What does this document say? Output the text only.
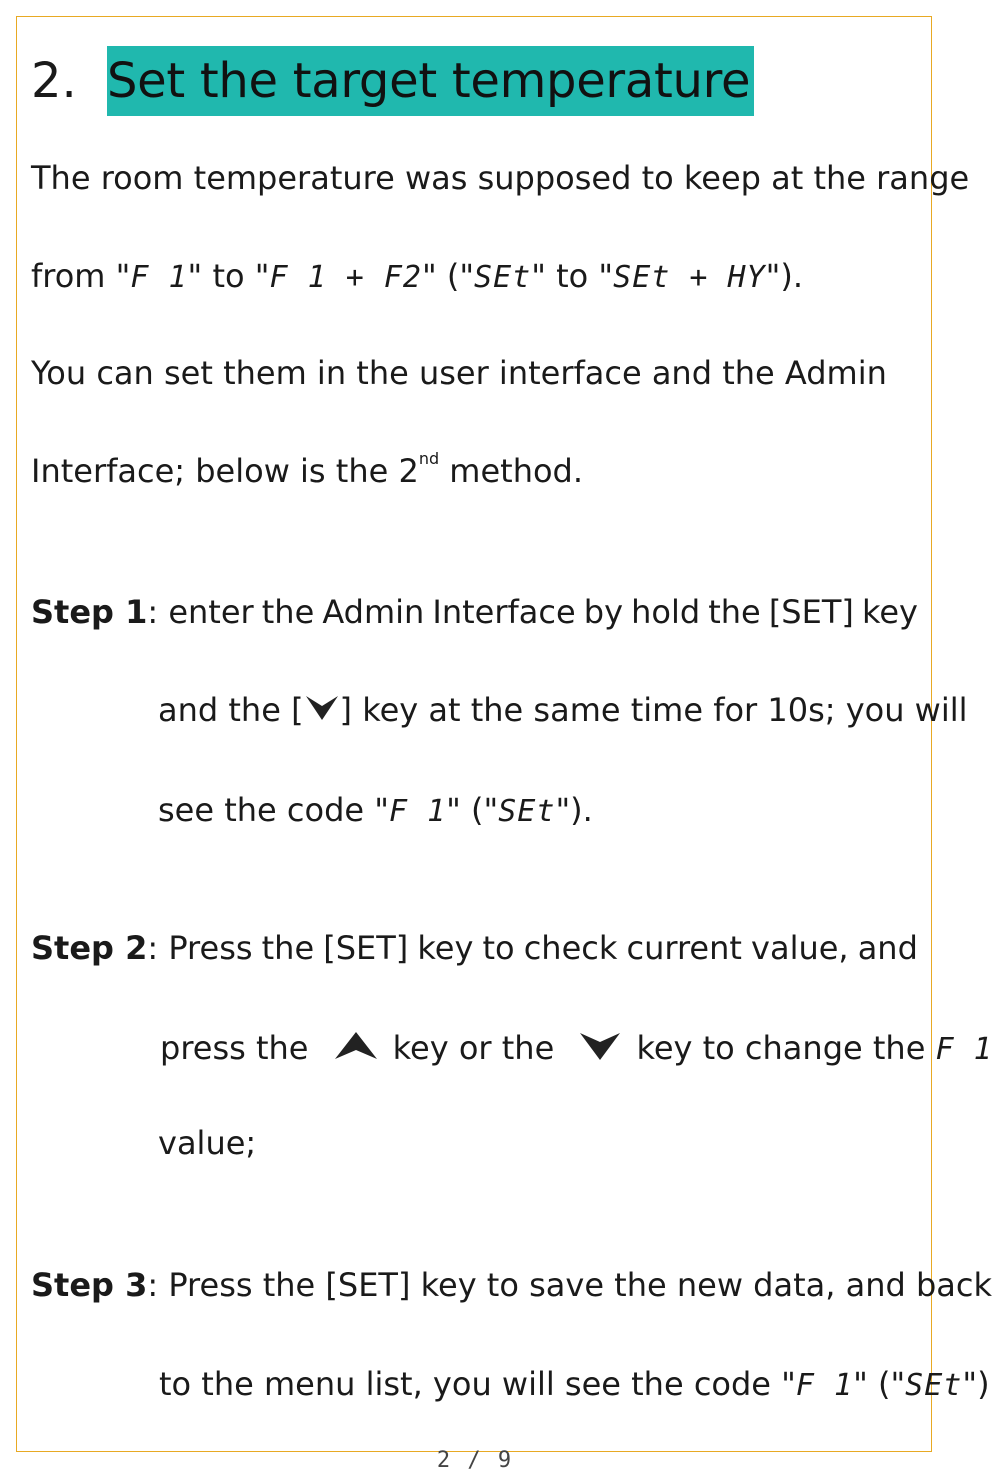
2. Set the target temperature
The room temperature was supposed to keep at the range
from "F 1" to "F 1 + F2" ("SEt" to "SEt + HY").
You can set them in the user interface and the Admin
Interface; below is the 2nd method.
Step 1: enter the Admin Interface by hold the [SET] key
and the [ ] key at the same time for 10s; you will
see the code "F 1" ("SEt").
Step 2: Press the [SET] key to check current value, and
press the	key or the	key to change the F 1
value;
Step 3: Press the [SET] key to save the new data, and back
to the menu list, you will see the code "F 1" ("SEt")
2 / 9
